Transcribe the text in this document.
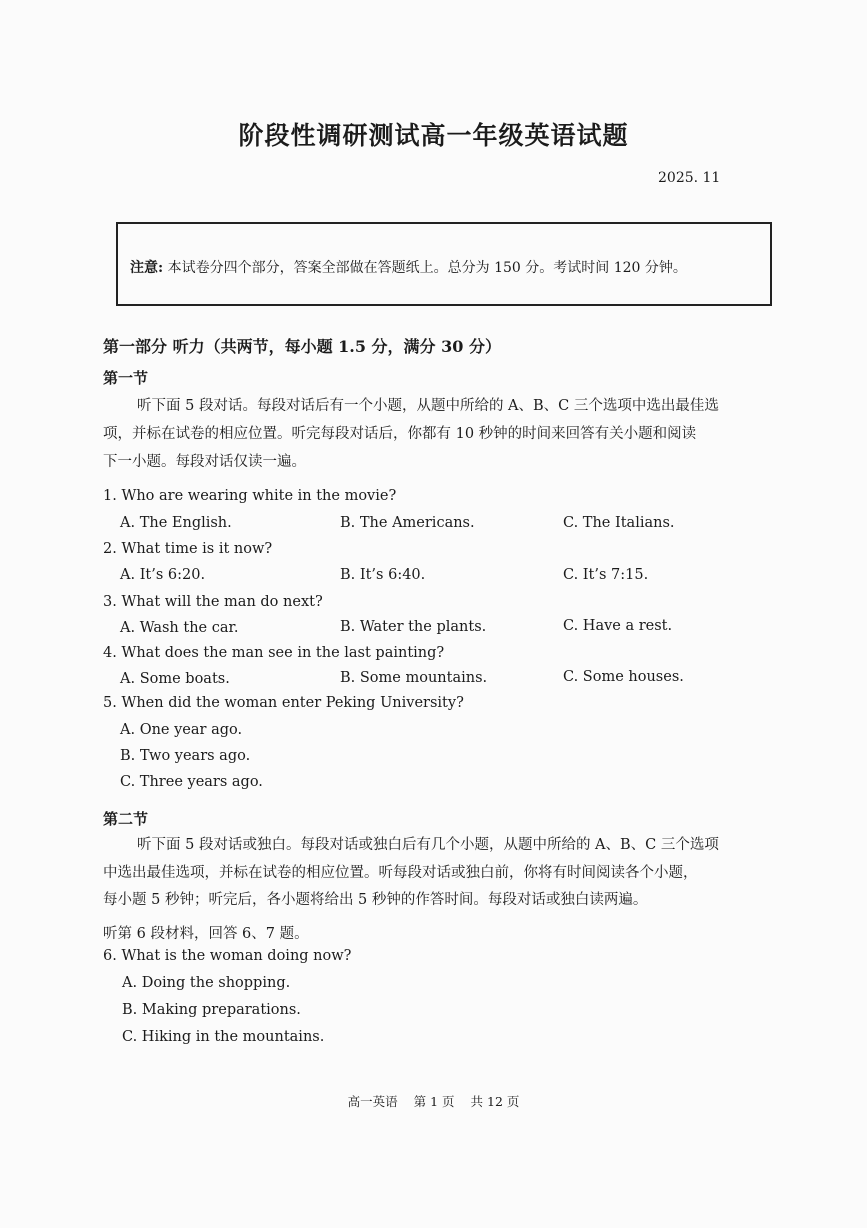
阶段性调研测试高一年级英语试题
2025. 11
注意: 本试卷分四个部分，答案全部做在答题纸上。总分为 150 分。考试时间 120 分钟。
第一部分 听力（共两节，每小题 1.5 分，满分 30 分）
第一节
听下面 5 段对话。每段对话后有一个小题，从题中所给的 A、B、C 三个选项中选出最佳选
项，并标在试卷的相应位置。听完每段对话后，你都有 10 秒钟的时间来回答有关小题和阅读
下一小题。每段对话仅读一遍。
1. Who are wearing white in the movie?
A. The English.	B. The Americans.	C. The Italians.
2. What time is it now?
A. It’s 6:20.	B. It’s 6:40.	C. It’s 7:15.
3. What will the man do next?
A. Wash the car.	B. Water the plants.	C. Have a rest.
4. What does the man see in the last painting?
A. Some boats.	B. Some mountains.	C. Some houses.
5. When did the woman enter Peking University?
A. One year ago.
B. Two years ago.
C. Three years ago.
第二节
听下面 5 段对话或独白。每段对话或独白后有几个小题，从题中所给的 A、B、C 三个选项
中选出最佳选项，并标在试卷的相应位置。听每段对话或独白前，你将有时间阅读各个小题，
每小题 5 秒钟；听完后，各小题将给出 5 秒钟的作答时间。每段对话或独白读两遍。
听第 6 段材料，回答 6、7 题。
6. What is the woman doing now?
A. Doing the shopping.
B. Making preparations.
C. Hiking in the mountains.
高一英语 第 1 页 共 12 页
